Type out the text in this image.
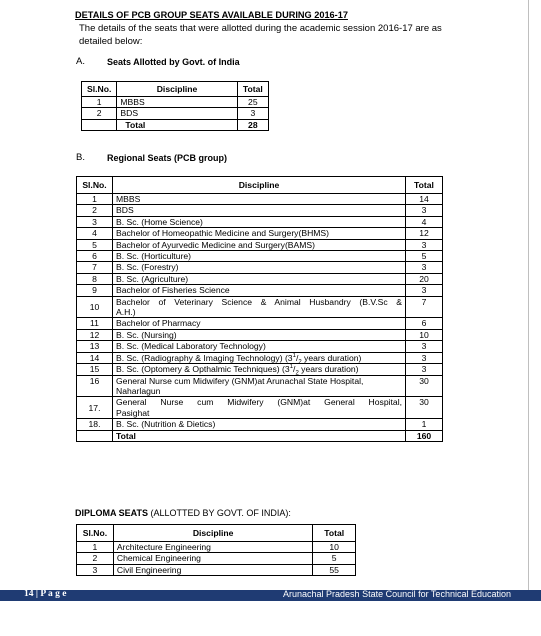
DETAILS OF PCB GROUP SEATS AVAILABLE DURING 2016-17
The details of the seats that were allotted during the academic session 2016-17 are as
detailed below:
A. Seats Allotted by Govt. of India
Sl.No.	Discipline	Total
1	MBBS	25
2	BDS	3
	Total	28
B. Regional Seats (PCB group)
Sl.No.	Discipline	Total
1	MBBS	14
2	BDS	3
3	B. Sc. (Home Science)	4
4	Bachelor of Homeopathic Medicine and Surgery(BHMS)	12
5	Bachelor of Ayurvedic Medicine and Surgery(BAMS)	3
6	B. Sc. (Horticulture)	5
7	B. Sc. (Forestry)	3
8	B. Sc. (Agriculture)	20
9	Bachelor of Fisheries Science	3
10	Bachelor of Veterinary Science & Animal Husbandry (B.V.Sc &
A.H.)	7
11	Bachelor of Pharmacy	6
12	B. Sc. (Nursing)	10
13	B. Sc. (Medical Laboratory Technology)	3
14	B. Sc. (Radiography & Imaging Technology) ($3^1/_2$ years duration)	3
15	B. Sc. (Optomery & Opthalmic Techniques) ($3^1/_2$ years duration)	3
16	General Nurse cum Midwifery (GNM)at Arunachal State Hospital,
Naharlagun	30
17.	General Nurse cum Midwifery (GNM)at General Hospital,
Pasighat	30
18.	B. Sc. (Nutrition & Dietics)	1
	Total	160
DIPLOMA SEATS (ALLOTTED BY GOVT. OF INDIA):
Sl.No.	Discipline	Total
1	Architecture Engineering	10
2	Chemical Engineering	5
3	Civil Engineering	55
14 | P a g e	Arunachal Pradesh State Council for Technical Education
